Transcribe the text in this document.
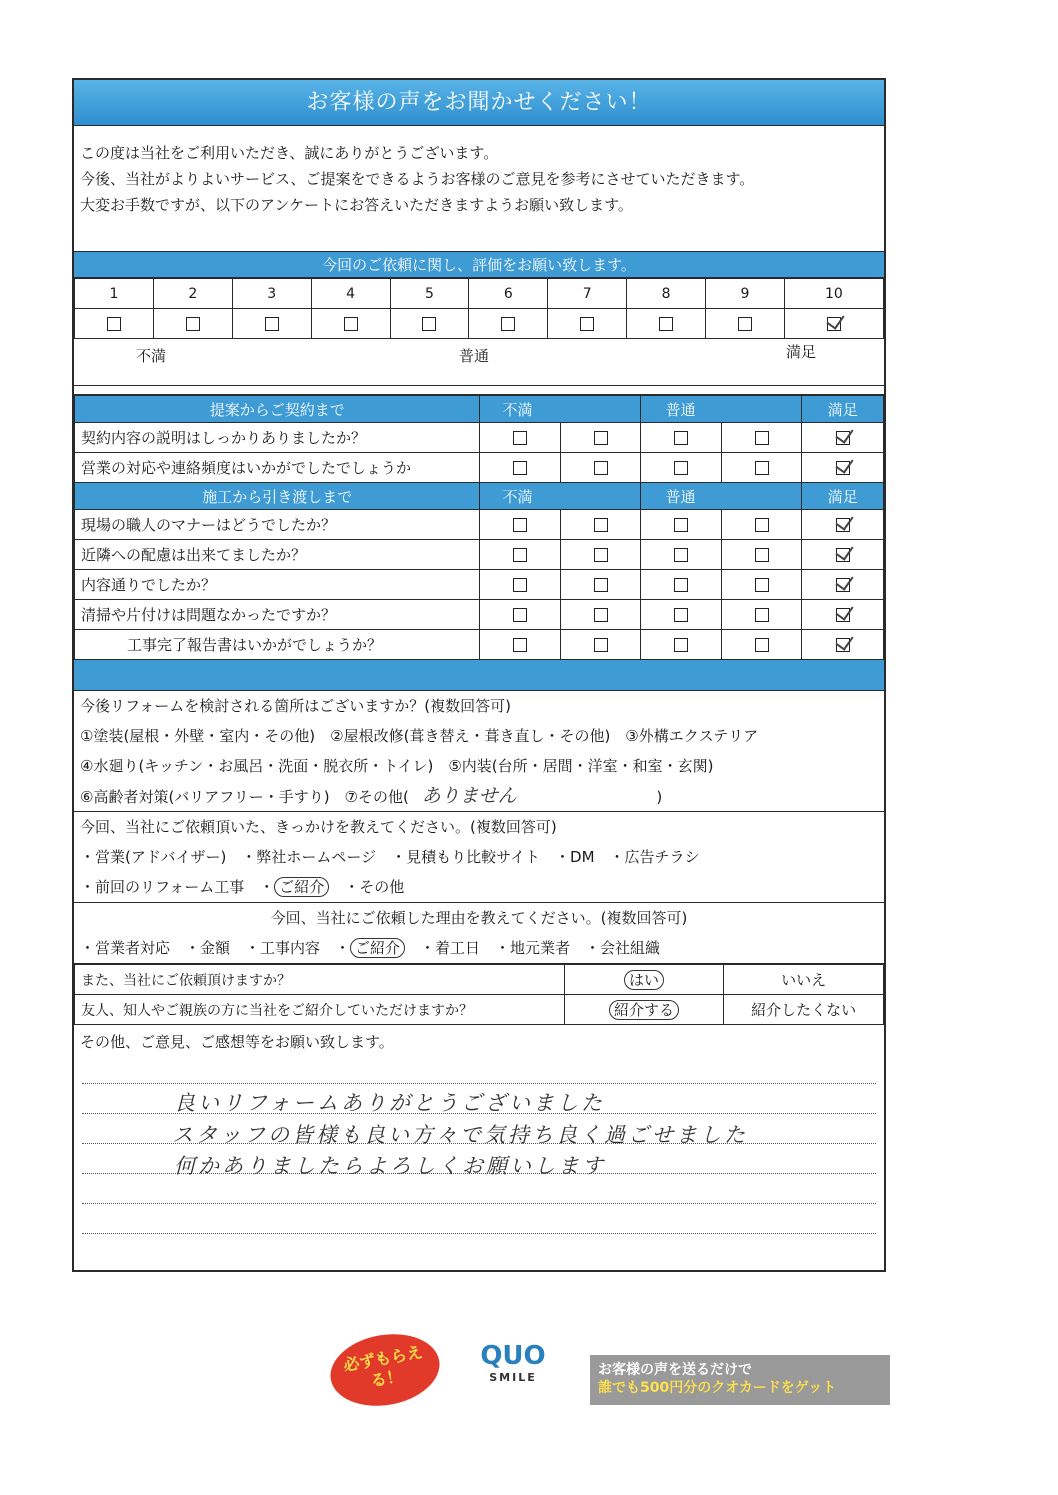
お客様の声をお聞かせください！
この度は当社をご利用いただき、誠にありがとうございます。
今後、当社がよりよいサービス、ご提案をできるようお客様のご意見を参考にさせていただきます。
大変お手数ですが、以下のアンケートにお答えいただきますようお願い致します。
今回のご依頼に関し、評価をお願い致します。
1	2	3	4	5	6	7	8	9	10

不満	普通	満足
提案からご契約まで	不満		普通		満足
契約内容の説明はしっかりありましたか？					
営業の対応や連絡頻度はいかがでしたでしょうか					
施工から引き渡しまで	不満		普通		満足
現場の職人のマナーはどうでしたか？					
近隣への配慮は出来てましたか？					
内容通りでしたか？					
清掃や片付けは問題なかったですか？					
工事完了報告書はいかがでしょうか？					
今後リフォームを検討される箇所はございますか？(複数回答可)
①塗装(屋根・外壁・室内・その他)　②屋根改修(葺き替え・葺き直し・その他)　③外構エクステリア
④水廻り(キッチン・お風呂・洗面・脱衣所・トイレ)　⑤内装(台所・居間・洋室・和室・玄関)
⑥高齢者対策(バリアフリー・手すり)　⑦その他( ありません	)
今回、当社にご依頼頂いた、きっかけを教えてください。(複数回答可)
・営業(アドバイザー)　・弊社ホームページ　・見積もり比較サイト　・DM　・広告チラシ
・前回のリフォーム工事　・ ご紹介　・その他
今回、当社にご依頼した理由を教えてください。(複数回答可)
・営業者対応　・金額　・工事内容　・ ご紹介　・着工日　・地元業者　・会社組織
また、当社にご依頼頂けますか？	はい	いいえ
友人、知人やご親族の方に当社をご紹介していただけますか？	紹介する	紹介したくない
その他、ご意見、ご感想等をお願い致します。
良いリフォームありがとうございました
スタッフの皆様も良い方々で気持ち良く過ごせました
何かありましたらよろしくお願いします
必ずもらえる！
QUO
SMILE	お客様の声を送るだけで
誰でも500円分のクオカードをゲット
